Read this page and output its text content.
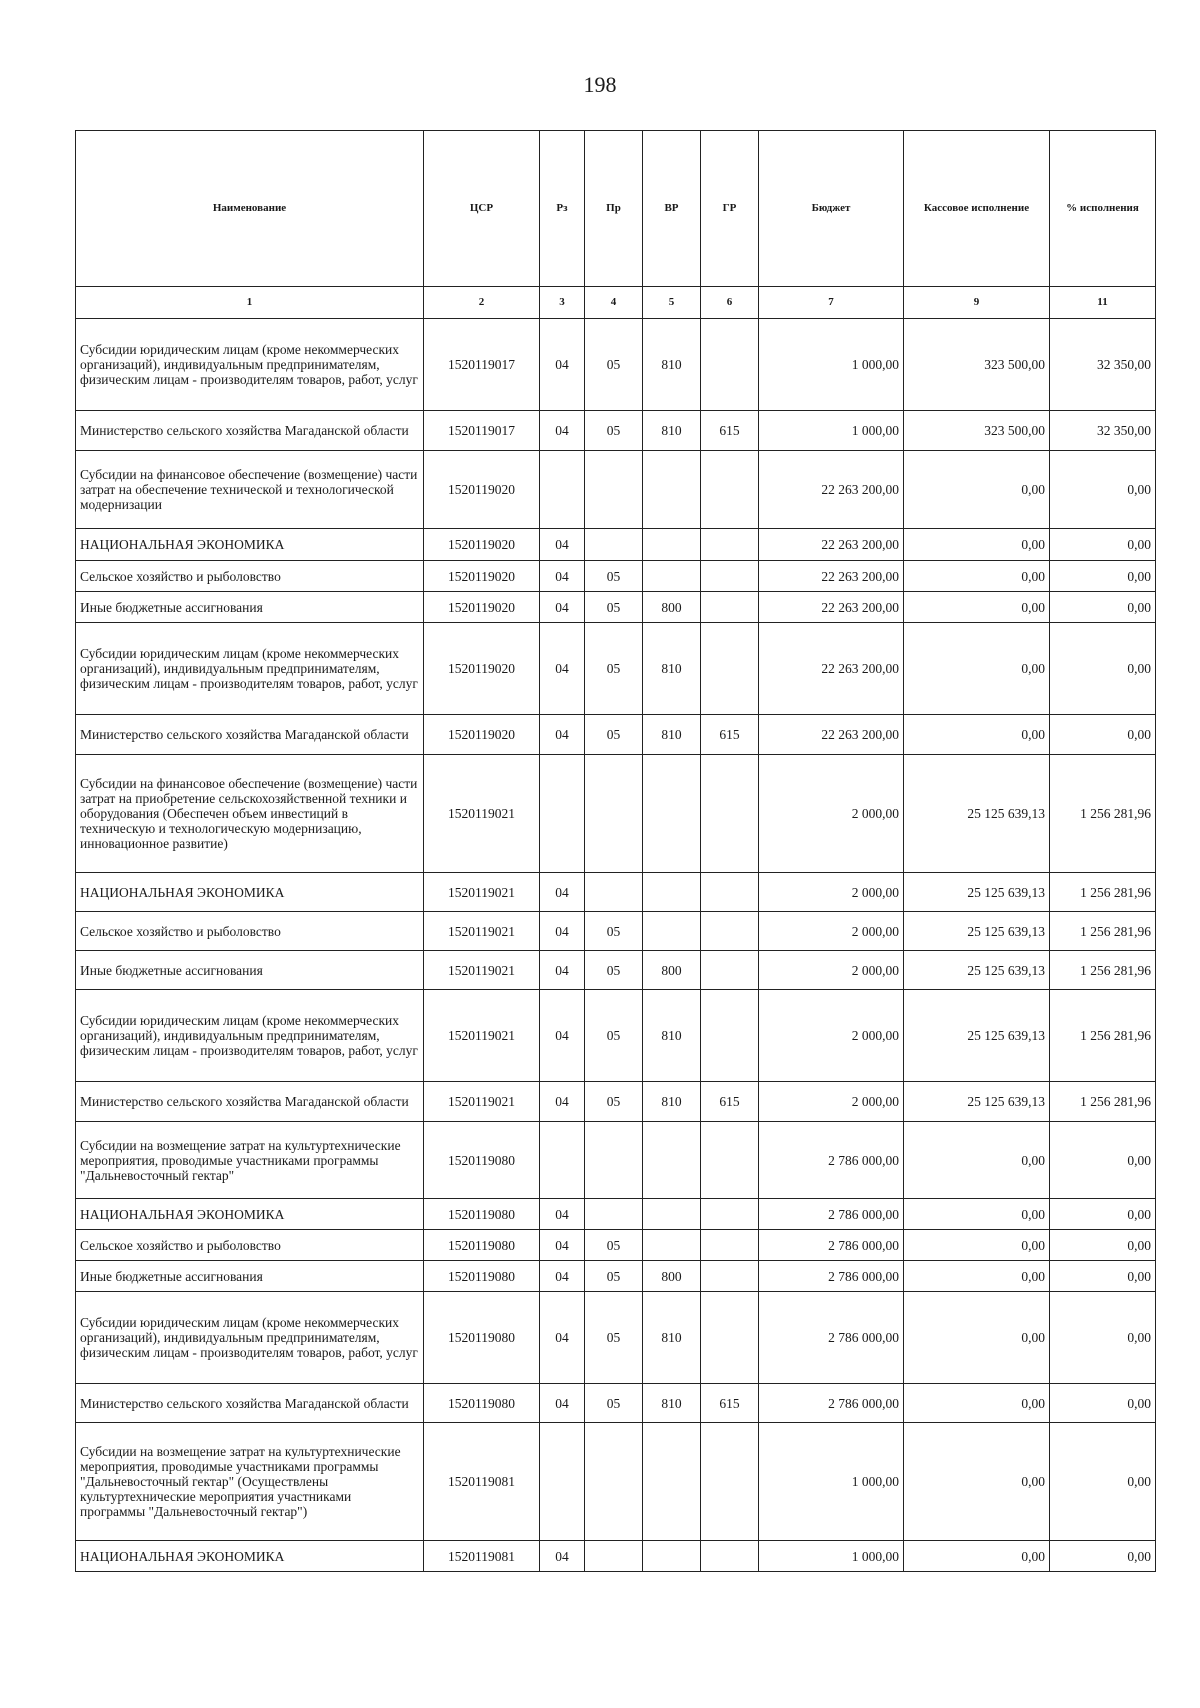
198
Наименование	ЦСР	Рз	Пр	ВР	ГР	Бюджет	Кассовое исполнение	% исполнения
1	2	3	4	5	6	7	9	11
Субсидии юридическим лицам (кроме некоммерческих организаций), индивидуальным предпринимателям, физическим лицам - производителям товаров, работ, услуг	1520119017	04	05	810		1 000,00	323 500,00	32 350,00
Министерство сельского хозяйства Магаданской области	1520119017	04	05	810	615	1 000,00	323 500,00	32 350,00
Субсидии на финансовое обеспечение (возмещение) части затрат на обеспечение технической и технологической модернизации	1520119020					22 263 200,00	0,00	0,00
НАЦИОНАЛЬНАЯ ЭКОНОМИКА	1520119020	04				22 263 200,00	0,00	0,00
Сельское хозяйство и рыболовство	1520119020	04	05			22 263 200,00	0,00	0,00
Иные бюджетные ассигнования	1520119020	04	05	800		22 263 200,00	0,00	0,00
Субсидии юридическим лицам (кроме некоммерческих организаций), индивидуальным предпринимателям, физическим лицам - производителям товаров, работ, услуг	1520119020	04	05	810		22 263 200,00	0,00	0,00
Министерство сельского хозяйства Магаданской области	1520119020	04	05	810	615	22 263 200,00	0,00	0,00
Субсидии на финансовое обеспечение (возмещение) части затрат на приобретение сельскохозяйственной техники и оборудования (Обеспечен объем инвестиций в техническую и технологическую модернизацию, инновационное развитие)	1520119021					2 000,00	25 125 639,13	1 256 281,96
НАЦИОНАЛЬНАЯ ЭКОНОМИКА	1520119021	04				2 000,00	25 125 639,13	1 256 281,96
Сельское хозяйство и рыболовство	1520119021	04	05			2 000,00	25 125 639,13	1 256 281,96
Иные бюджетные ассигнования	1520119021	04	05	800		2 000,00	25 125 639,13	1 256 281,96
Субсидии юридическим лицам (кроме некоммерческих организаций), индивидуальным предпринимателям, физическим лицам - производителям товаров, работ, услуг	1520119021	04	05	810		2 000,00	25 125 639,13	1 256 281,96
Министерство сельского хозяйства Магаданской области	1520119021	04	05	810	615	2 000,00	25 125 639,13	1 256 281,96
Субсидии на возмещение затрат на культуртехнические мероприятия, проводимые участниками программы "Дальневосточный гектар"	1520119080					2 786 000,00	0,00	0,00
НАЦИОНАЛЬНАЯ ЭКОНОМИКА	1520119080	04				2 786 000,00	0,00	0,00
Сельское хозяйство и рыболовство	1520119080	04	05			2 786 000,00	0,00	0,00
Иные бюджетные ассигнования	1520119080	04	05	800		2 786 000,00	0,00	0,00
Субсидии юридическим лицам (кроме некоммерческих организаций), индивидуальным предпринимателям, физическим лицам - производителям товаров, работ, услуг	1520119080	04	05	810		2 786 000,00	0,00	0,00
Министерство сельского хозяйства Магаданской области	1520119080	04	05	810	615	2 786 000,00	0,00	0,00
Субсидии на возмещение затрат на культуртехнические мероприятия, проводимые участниками программы "Дальневосточный гектар" (Осуществлены культуртехнические мероприятия участниками программы "Дальневосточный гектар")	1520119081					1 000,00	0,00	0,00
НАЦИОНАЛЬНАЯ ЭКОНОМИКА	1520119081	04				1 000,00	0,00	0,00
